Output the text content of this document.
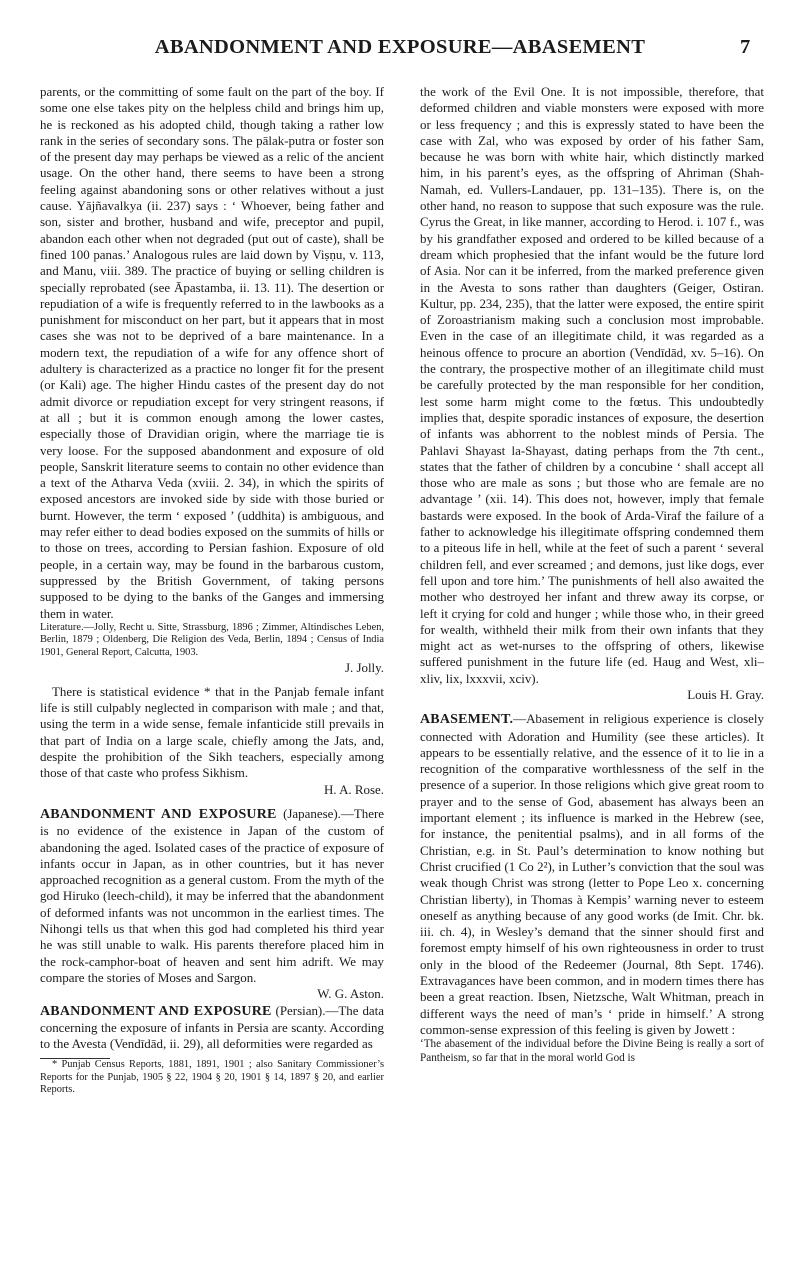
ABANDONMENT AND EXPOSURE—ABASEMENT	7

parents, or the committing of some fault on the part of the boy. If some one else takes pity on the helpless child and brings him up, he is reckoned as his adopted child, though taking a rather low rank in the series of secondary sons. The pālak-putra or foster son of the present day may perhaps be viewed as a relic of the ancient usage. On the other hand, there seems to have been a strong feeling against abandoning sons or other relatives without a just cause. Yājñavalkya (ii. 237) says : ‘ Whoever, being father and son, sister and brother, husband and wife, preceptor and pupil, abandon each other when not degraded (put out of caste), shall be fined 100 panas.’ Analogous rules are laid down by Viṣṇu, v. 113, and Manu, viii. 389. The practice of buying or selling children is specially reprobated (see Āpastamba, ii. 13. 11). The desertion or repudiation of a wife is frequently referred to in the lawbooks as a punishment for misconduct on her part, but it appears that in most cases she was not to be deprived of a bare maintenance. In a modern text, the repudiation of a wife for any offence short of adultery is characterized as a practice no longer fit for the present (or Kali) age. The higher Hindu castes of the present day do not admit divorce or repudiation except for very stringent reasons, if at all ; but it is common enough among the lower castes, especially those of Dravidian origin, where the marriage tie is very loose. For the supposed abandonment and exposure of old people, Sanskrit literature seems to contain no other evidence than a text of the Atharva Veda (xviii. 2. 34), in which the spirits of exposed ancestors are invoked side by side with those buried or burnt. However, the term ‘ exposed ’ (uddhita) is ambiguous, and may refer either to dead bodies exposed on the summits of hills or to those on trees, according to Persian fashion. Exposure of old people, in a certain way, may be found in the barbarous custom, suppressed by the British Government, of taking persons supposed to be dying to the banks of the Ganges and immersing them in water.

Literature.—Jolly, Recht u. Sitte, Strassburg, 1896 ; Zimmer, Altindisches Leben, Berlin, 1879 ; Oldenberg, Die Religion des Veda, Berlin, 1894 ; Census of India 1901, General Report, Calcutta, 1903.

J. Jolly.

There is statistical evidence * that in the Panjab female infant life is still culpably neglected in comparison with male ; and that, using the term in a wide sense, female infanticide still prevails in that part of India on a large scale, chiefly among the Jats, and, despite the prohibition of the Sikh teachers, especially among those of that caste who profess Sikhism.

H. A. Rose.

ABANDONMENT AND EXPOSURE (Japanese).—There is no evidence of the existence in Japan of the custom of abandoning the aged. Isolated cases of the practice of exposure of infants occur in Japan, as in other countries, but it has never approached recognition as a general custom. From the myth of the god Hiruko (leech-child), it may be inferred that the abandonment of deformed infants was not uncommon in the earliest times. The Nihongi tells us that when this god had completed his third year he was still unable to walk. His parents therefore placed him in the rock-camphor-boat of heaven and sent him adrift. We may compare the stories of Moses and Sargon.

W. G. Aston.

ABANDONMENT AND EXPOSURE (Persian).—The data concerning the exposure of infants in Persia are scanty. According to the Avesta (Vendīdād, ii. 29), all deformities were regarded as

* Punjab Census Reports, 1881, 1891, 1901 ; also Sanitary Commissioner’s Reports for the Punjab, 1905 § 22, 1904 § 20, 1901 § 14, 1897 § 20, and earlier Reports.

the work of the Evil One. It is not impossible, therefore, that deformed children and viable monsters were exposed with more or less frequency ; and this is expressly stated to have been the case with Zal, who was exposed by order of his father Sam, because he was born with white hair, which distinctly marked him, in his parent’s eyes, as the offspring of Ahriman (Shah-Namah, ed. Vullers-Landauer, pp. 131–135). There is, on the other hand, no reason to suppose that such exposure was the rule. Cyrus the Great, in like manner, according to Herod. i. 107 f., was by his grandfather exposed and ordered to be killed because of a dream which prophesied that the infant would be the future lord of Asia. Nor can it be inferred, from the marked preference given in the Avesta to sons rather than daughters (Geiger, Ostiran. Kultur, pp. 234, 235), that the latter were exposed, the entire spirit of Zoroastrianism making such a conclusion most improbable. Even in the case of an illegitimate child, it was regarded as a heinous offence to procure an abortion (Vendīdād, xv. 5–16). On the contrary, the prospective mother of an illegitimate child must be carefully protected by the man responsible for her condition, lest some harm might come to the fœtus. This undoubtedly implies that, despite sporadic instances of exposure, the desertion of infants was abhorrent to the noblest minds of Persia. The Pahlavi Shayast la-Shayast, dating perhaps from the 7th cent., states that the father of children by a concubine ‘ shall accept all those who are male as sons ; but those who are female are no advantage ’ (xii. 14). This does not, however, imply that female bastards were exposed. In the book of Arda-Viraf the failure of a father to acknowledge his illegitimate offspring condemned them to a piteous life in hell, while at the feet of such a parent ‘ several children fell, and ever screamed ; and demons, just like dogs, ever fell upon and tore him.’ The punishments of hell also awaited the mother who destroyed her infant and threw away its corpse, or left it crying for cold and hunger ; while those who, in their greed for wealth, withheld their milk from their own infants that they might act as wet-nurses to the offspring of others, likewise suffered punishment in the future life (ed. Haug and West, xli–xliv, lix, lxxxvii, xciv).

Louis H. Gray.

ABASEMENT.—Abasement in religious experience is closely connected with Adoration and Humility (see these articles). It appears to be essentially relative, and the essence of it to lie in a recognition of the comparative worthlessness of the self in the presence of a superior. In those religions which give great room to prayer and to the sense of God, abasement has always been an important element ; its influence is marked in the Hebrew (see, for instance, the penitential psalms), and in all forms of the Christian, e.g. in St. Paul’s determination to know nothing but Christ crucified (1 Co 2²), in Luther’s conviction that the soul was weak though Christ was strong (letter to Pope Leo x. concerning Christian liberty), in Thomas à Kempis’ warning never to esteem oneself as anything because of any good works (de Imit. Chr. bk. iii. ch. 4), in Wesley’s demand that the sinner should first and foremost empty himself of his own righteousness in order to trust only in the blood of the Redeemer (Journal, 8th Sept. 1746). Extravagances have been common, and in modern times there has been a great reaction. Ibsen, Nietzsche, Walt Whitman, preach in different ways the need of man’s ‘ pride in himself.’ A strong common-sense expression of this feeling is given by Jowett :

‘The abasement of the individual before the Divine Being is really a sort of Pantheism, so far that in the moral world God is
